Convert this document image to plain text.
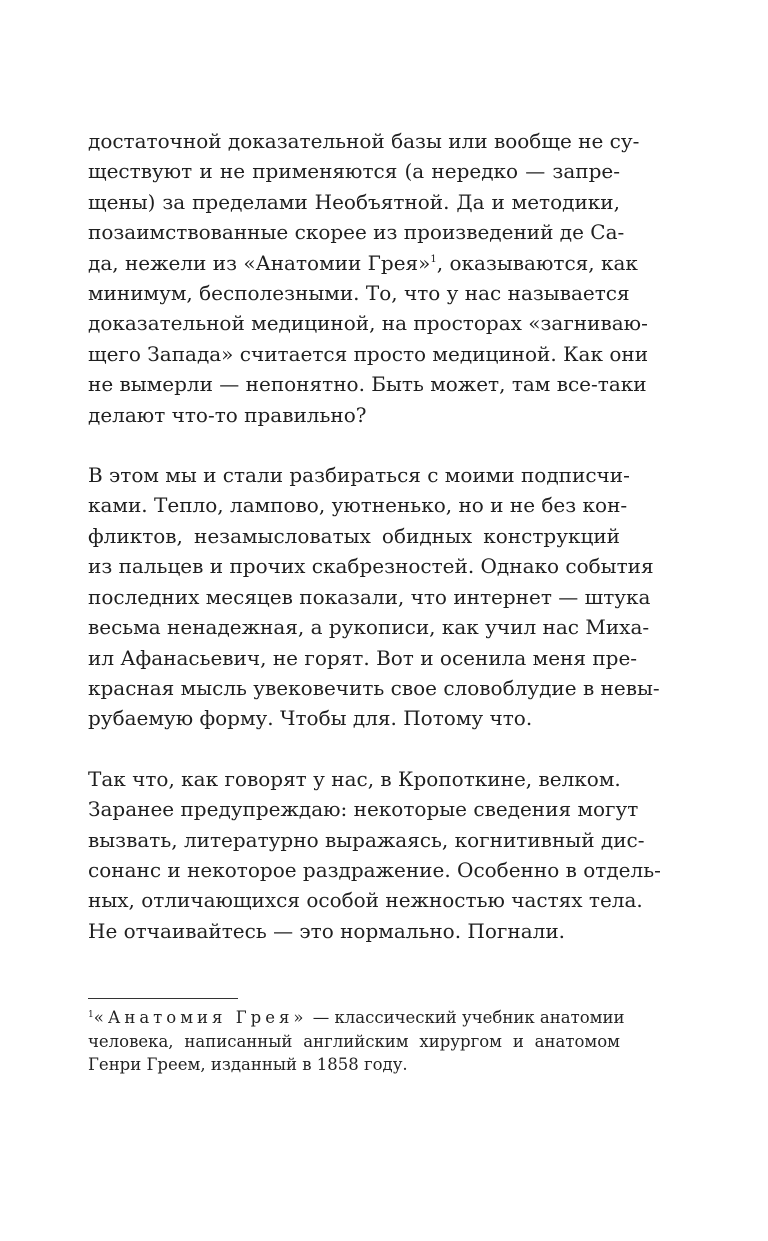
достаточной доказательной базы или вообще не су-
ществуют и не применяются (а нередко — запре-
щены) за пределами Необъятной. Да и методики,
позаимствованные скорее из произведений де Са-
да, нежели из «Анатомии Грея»$^1$, оказываются, как
минимум, бесполезными. То, что у нас называется
доказательной медициной, на просторах «загниваю-
щего Запада» считается просто медициной. Как они
не вымерли — непонятно. Быть может, там все-таки
делают что-то правильно?

В этом мы и стали разбираться с моими подписчи-
ками. Тепло, лампово, уютненько, но и не без кон-
фликтов, незамысловатых обидных конструкций
из пальцев и прочих скабрезностей. Однако события
последних месяцев показали, что интернет — штука
весьма ненадежная, а рукописи, как учил нас Миха-
ил Афанасьевич, не горят. Вот и осенила меня пре-
красная мысль увековечить свое словоблудие в невы-
рубаемую форму. Чтобы для. Потому что.

Так что, как говорят у нас, в Кропоткине, велком.
Заранее предупреждаю: некоторые сведения могут
вызвать, литературно выражаясь, когнитивный дис-
сонанс и некоторое раздражение. Особенно в отдель-
ных, отличающихся особой нежностью частях тела.
Не отчаивайтесь — это нормально. Погнали.

$^1$«Анатомия Грея» — классический учебник анатомии
человека, написанный английским хирургом и анатомом
Генри Греем, изданный в 1858 году.
